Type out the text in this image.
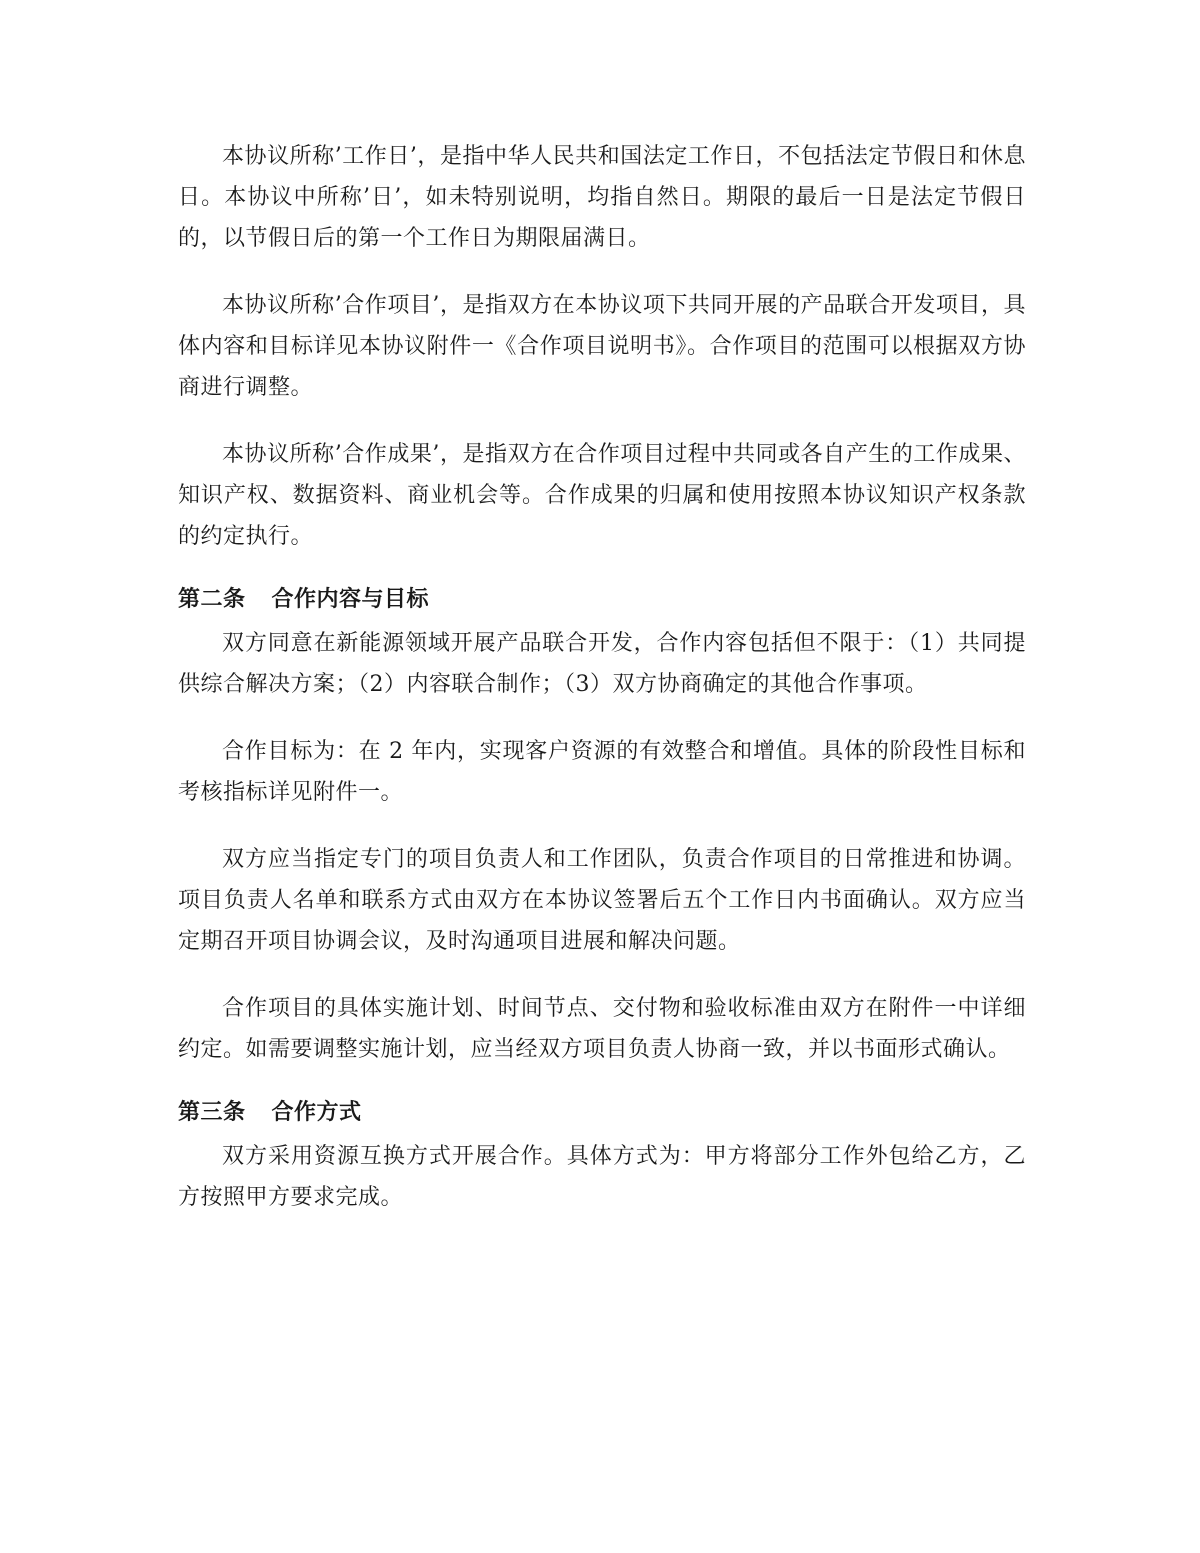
本协议所称’工作日’，是指中华人民共和国法定工作日，不包括法定节假日和休息日。本协议中所称’日’，如未特别说明，均指自然日。期限的最后一日是法定节假日的，以节假日后的第一个工作日为期限届满日。

本协议所称’合作项目’，是指双方在本协议项下共同开展的产品联合开发项目，具体内容和目标详见本协议附件一《合作项目说明书》。合作项目的范围可以根据双方协商进行调整。

本协议所称’合作成果’，是指双方在合作项目过程中共同或各自产生的工作成果、知识产权、数据资料、商业机会等。合作成果的归属和使用按照本协议知识产权条款的约定执行。

第二条 合作内容与目标

双方同意在新能源领域开展产品联合开发，合作内容包括但不限于：（1）共同提供综合解决方案；（2）内容联合制作；（3）双方协商确定的其他合作事项。

合作目标为：在 2 年内，实现客户资源的有效整合和增值。具体的阶段性目标和考核指标详见附件一。

双方应当指定专门的项目负责人和工作团队，负责合作项目的日常推进和协调。项目负责人名单和联系方式由双方在本协议签署后五个工作日内书面确认。双方应当定期召开项目协调会议，及时沟通项目进展和解决问题。

合作项目的具体实施计划、时间节点、交付物和验收标准由双方在附件一中详细约定。如需要调整实施计划，应当经双方项目负责人协商一致，并以书面形式确认。

第三条 合作方式

双方采用资源互换方式开展合作。具体方式为：甲方将部分工作外包给乙方，乙方按照甲方要求完成。
